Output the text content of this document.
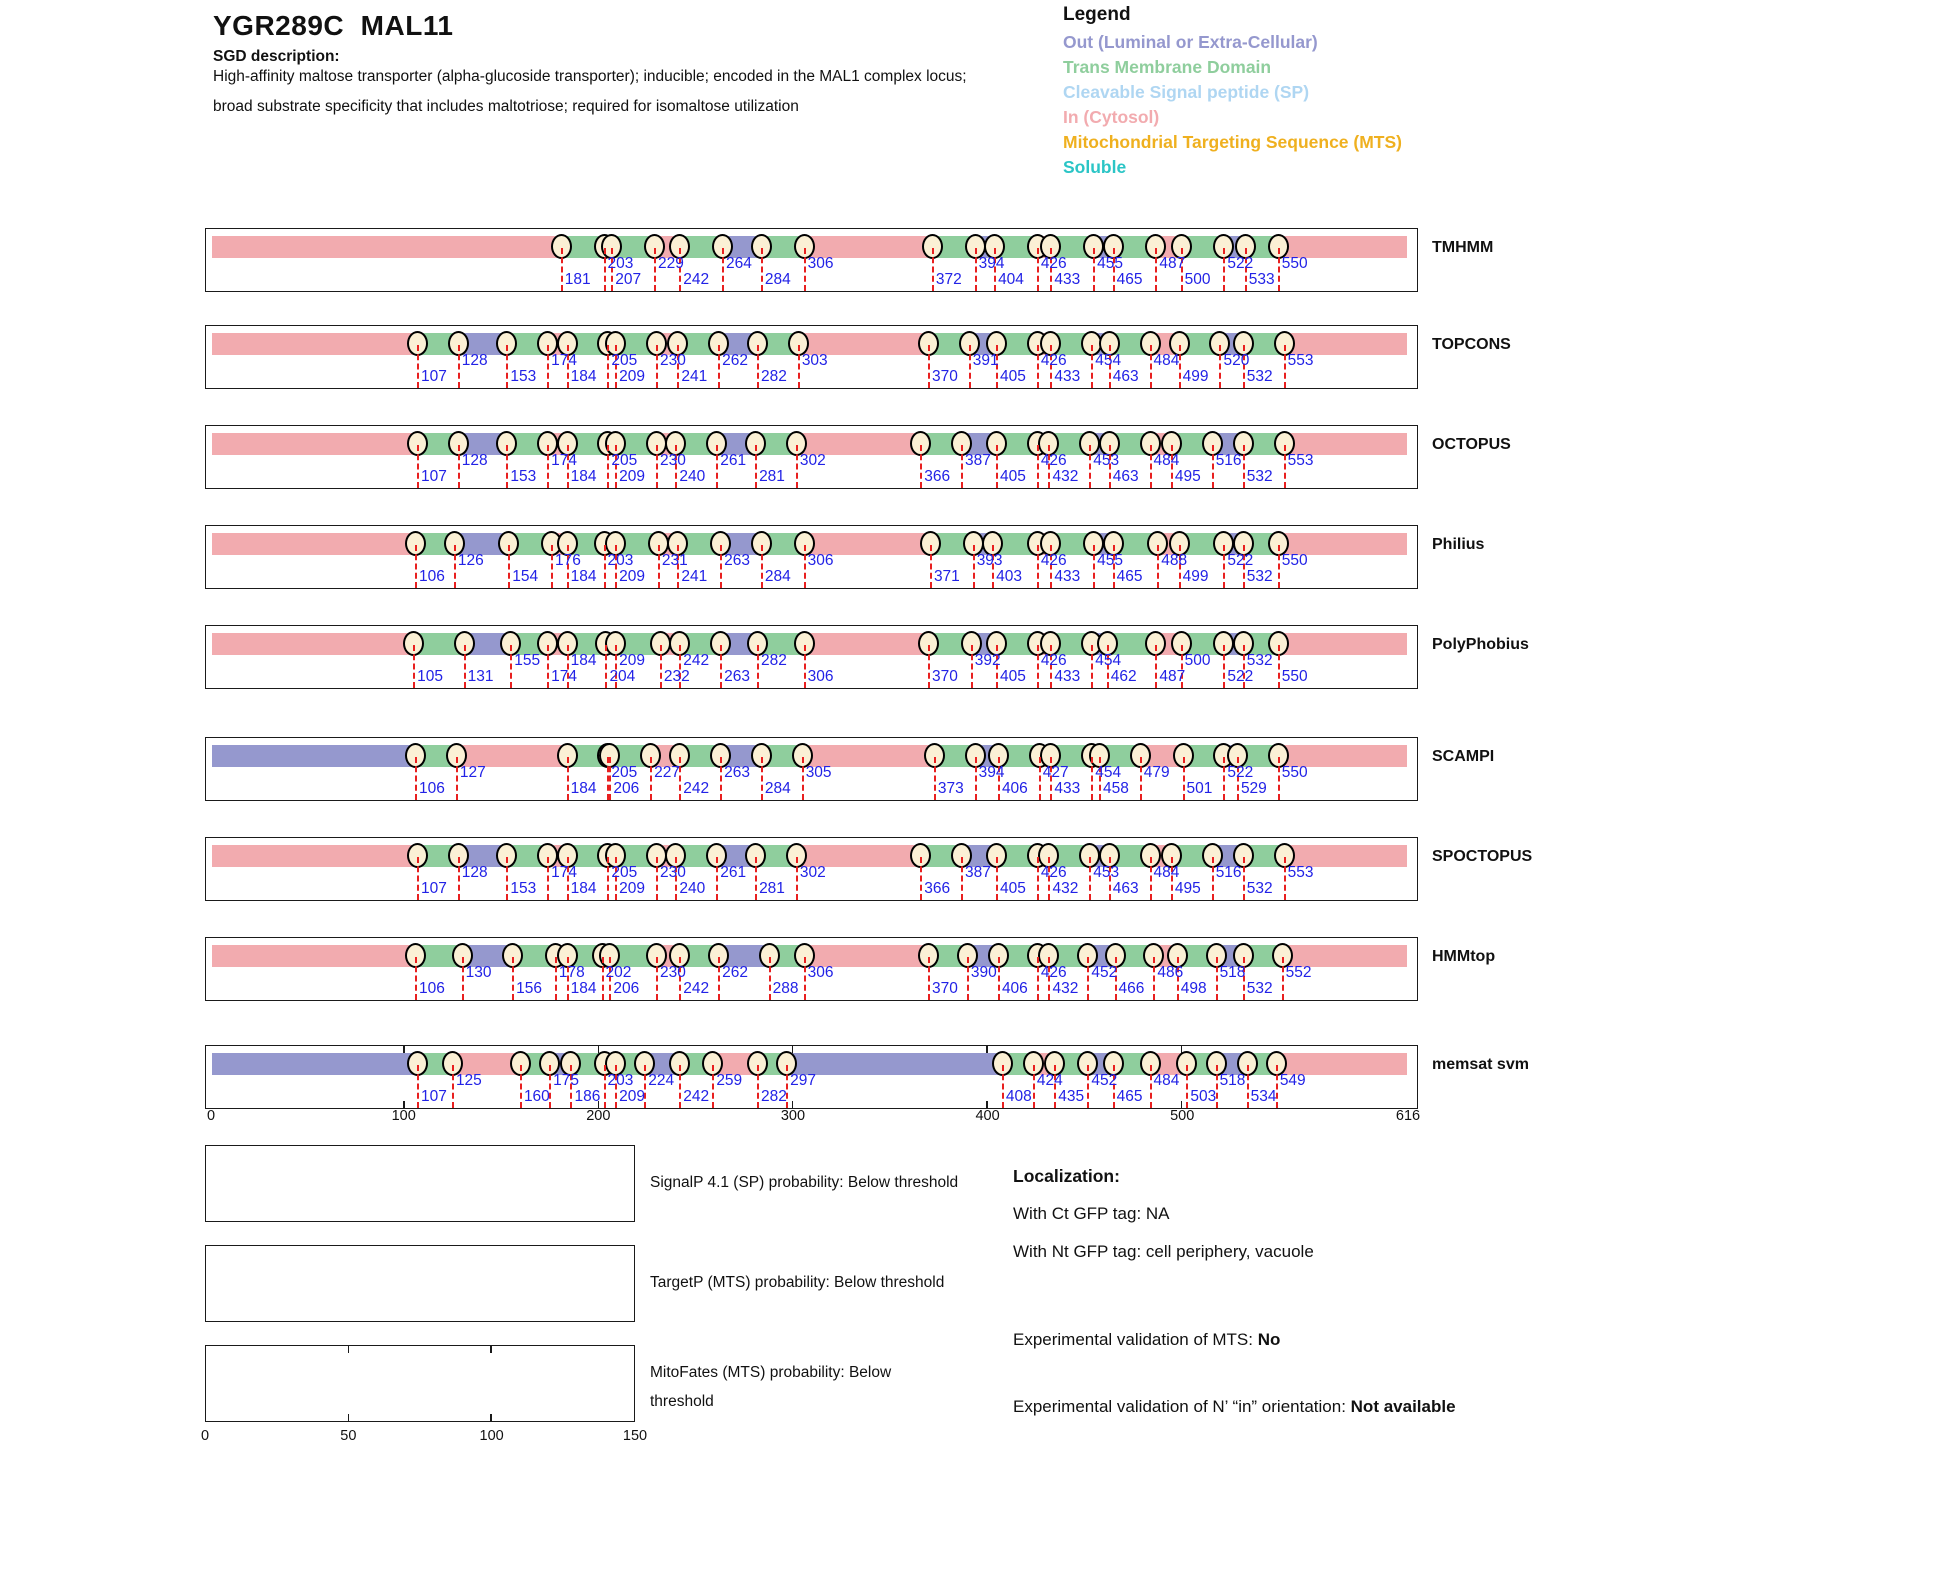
YGR289C  MAL11
SGD description:
High-affinity maltose transporter (alpha-glucoside transporter); inducible; encoded in the MAL1 complex locus;
broad substrate specificity that includes maltotriose; required for isomaltose utilization
Legend
Out (Luminal or Extra-Cellular)
Trans Membrane Domain
Cleavable Signal peptide (SP)
In (Cytosol)
Mitochondrial Targeting Sequence (MTS)
Soluble
181
203
207
229
242
264
284
306
372
394
404
426
433
455
465
487
500
522
533
550
TMHMM
107
128
153
174
184
205
209
230
241
262
282
303
370
391
405
426
433
454
463
484
499
520
532
553
TOPCONS
107
128
153
174
184
205
209
230
240
261
281
302
366
387
405
426
432
453
463
484
495
516
532
553
OCTOPUS
106
126
154
176
184
203
209
231
241
263
284
306
371
393
403
426
433
455
465
488
499
522
532
550
Philius
105 131
155
174
184
204
209
232
242
263
282
306	370
392
405
426
433
454
462 487
500
522
532
550
PolyPhobius
106
127
184
205
206
227
242
263
284
305
373
394
406
427
433
454
458
479
501
522
529
550
SCAMPI
107
128
153
174
184
205
209
230
240
261
281
302
366
387
405
426
432
453
463
484
495
516
532
553
SPOCTOPUS
106
130
156
178
184
202
206
230
242
262
288
306
370
390
406
426
432
452
466
486
498
518
532
552
HMMtop
107
125
160
175
186
203
209
224
242
259
282
297
408
424
435
452
465
484
503
518
534
549
memsat svm
0	100	200	300	400	500	616
SignalP 4.1 (SP) probability: Below threshold
TargetP (MTS) probability: Below threshold
MitoFates (MTS) probability: Below threshold
0	50	100	150
Localization:
With Ct GFP tag: NA
With Nt GFP tag: cell periphery, vacuole
Experimental validation of MTS: No
Experimental validation of N’ “in” orientation: Not available
